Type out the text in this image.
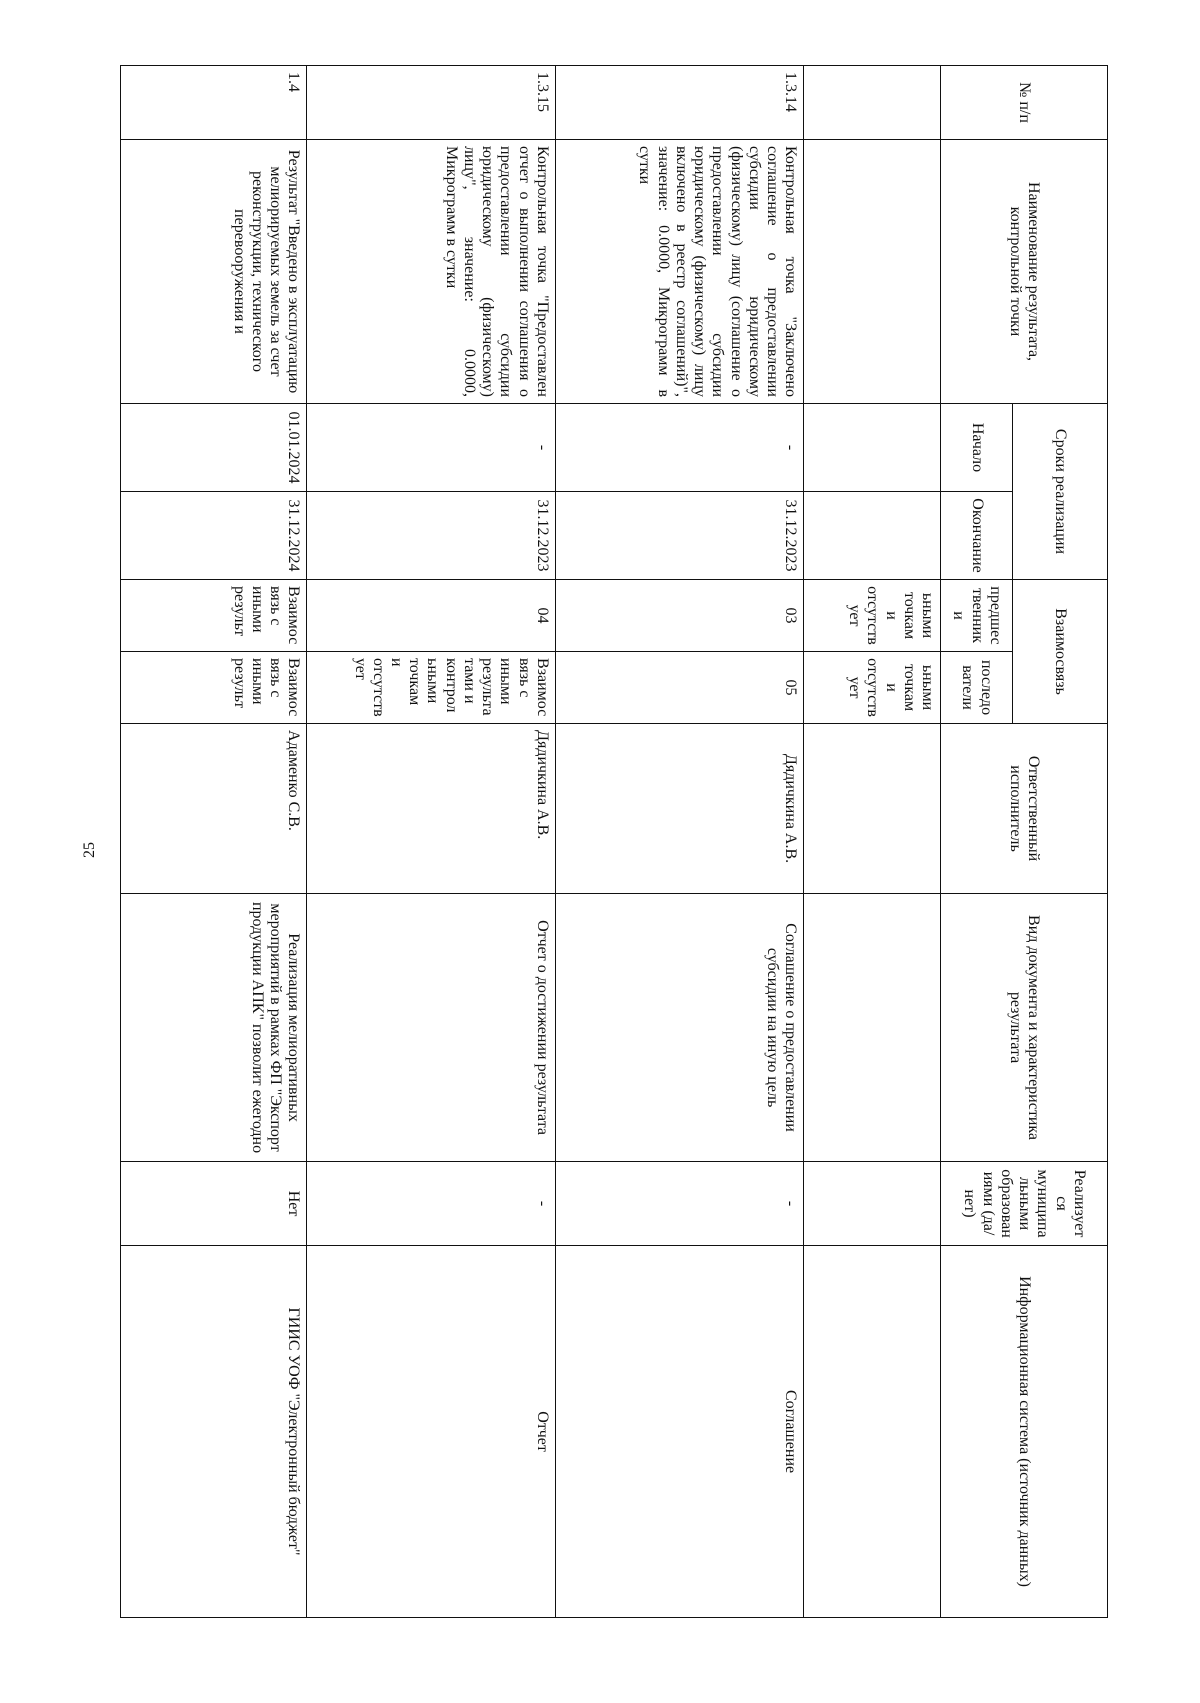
25
№ п/п	Наименование результата, контрольной точки	Сроки реализации		Взаимосвязь		Ответственный исполнитель	Вид документа и характеристика результата	Реализуется муниципальными образованиями (да/нет)	Информационная система (источник данных)
		Начало	Окончание	предшественники	последователи				
				ьными точкам и отсутствует	ьными точкам и отсутствует				
1.3.14	Контрольная точка "Заключено соглашение о предоставлении субсидии юридическому (физическому) лицу (соглашение о предоставлении субсидии юридическому (физическому) лицу включено в реестр соглашений)", значение: 0.0000, Микрограмм в сутки	-	31.12.2023	03	05	Дядичкина А.В.	Соглашение о предоставлении субсидии на иную цель	-	Соглашение
1.3.15	Контрольная точка "Предоставлен отчет о выполнении соглашения о предоставлении субсидии юридическому (физическому) лицу", значение: 0.0000, Микрограмм в сутки	-	31.12.2023	04	Взаимосвязь с иными результатами и контрольными точкам и отсутствует	Дядичкина А.В.	Отчет о достижении результата	-	Отчет
1.4	Результат "Введено в эксплуатацию мелиорируемых земель за счет реконструкции, технического перевооружения и	01.01.2024	31.12.2024	Взаимосвязь с иными результ	Взаимосвязь с иными результ	Адаменко С.В.	Реализация мелиоративных мероприятий в рамках ФП "Экспорт продукции АПК" позволит ежегодно	Нет	ГИИС УОФ "Электронный бюджет"
